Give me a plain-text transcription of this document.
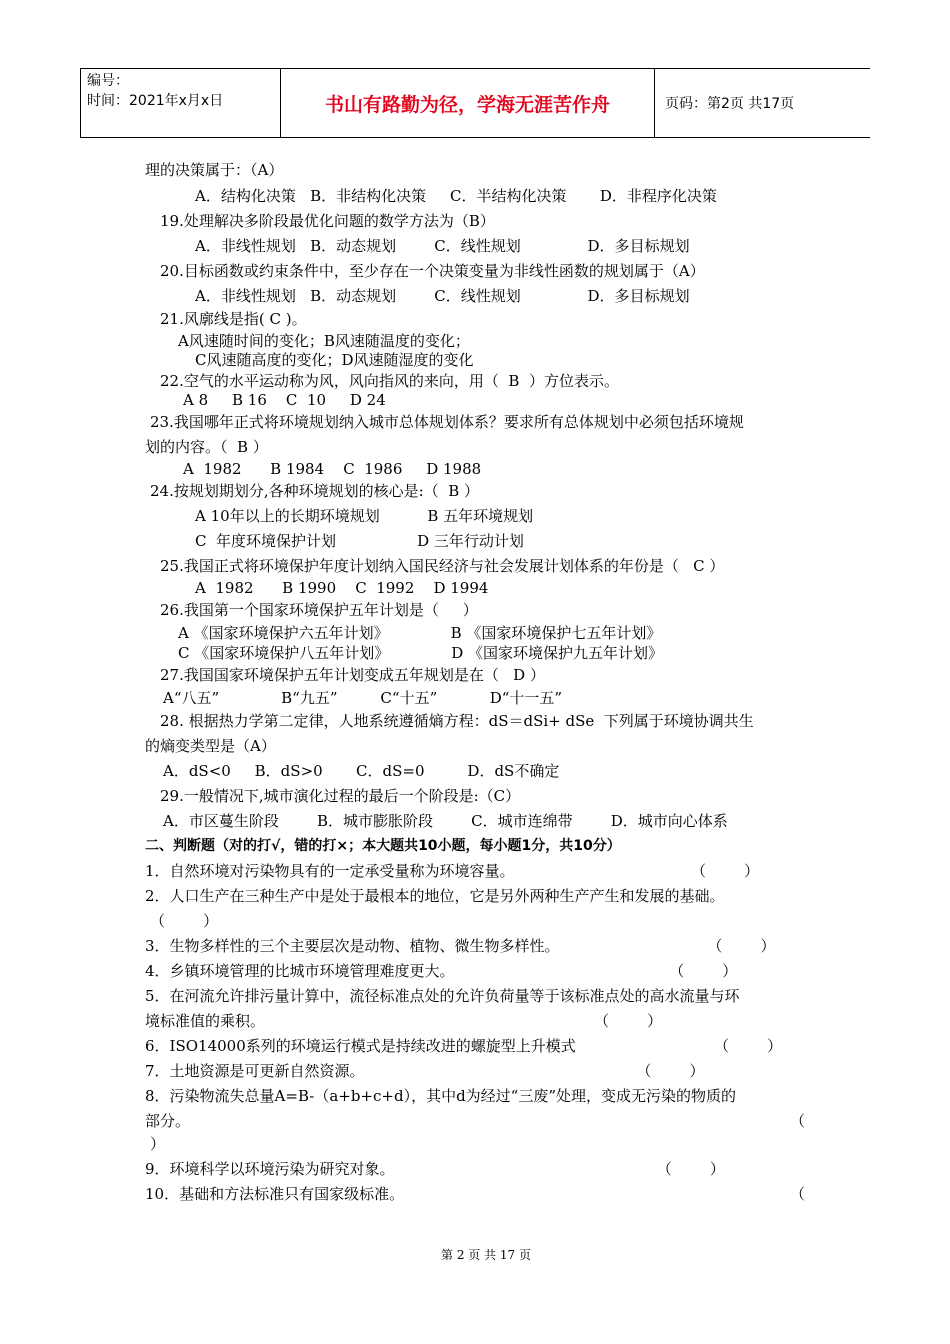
编号：
时间：2021年x月x日	书山有路勤为径，学海无涯苦作舟	页码：第2页 共17页
理的决策属于：（A）
A．结构化决策   B．非结构化决策     C．半结构化决策       D．非程序化决策
19.处理解决多阶段最优化问题的数学方法为（B）
A．非线性规划   B．动态规划        C．线性规划              D．多目标规划
20.目标函数或约束条件中，至少存在一个决策变量为非线性函数的规划属于（A）
A．非线性规划   B．动态规划        C．线性规划              D．多目标规划
21.风廓线是指( C )。
A风速随时间的变化；B风速随温度的变化；
C风速随高度的变化；D风速随湿度的变化
22.空气的水平运动称为风，风向指风的来向，用（  B  ）方位表示。
A 8     B 16    C  10     D 24
23.我国哪年正式将环境规划纳入城市总体规划体系？要求所有总体规划中必须包括环境规
划的内容。（  B ）
A  1982      B 1984    C  1986     D 1988
24.按规划期划分,各种环境规划的核心是:（  B ）
A 10年以上的长期环境规划          B 五年环境规划
C  年度环境保护计划                 D 三年行动计划
25.我国正式将环境保护年度计划纳入国民经济与社会发展计划体系的年份是（   C ）
A  1982      B 1990    C  1992    D 1994
26.我国第一个国家环境保护五年计划是（     ）
A 《国家环境保护六五年计划》             B 《国家环境保护七五年计划》
C 《国家环境保护八五年计划》             D 《国家环境保护九五年计划》
27.我国国家环境保护五年计划变成五年规划是在（   D ）
A“八五”             B“九五”         C“十五”           D“十一五”
28. 根据热力学第二定律，人地系统遵循熵方程：dS＝dSi+ dSe  下列属于环境协调共生
的熵变类型是（A）
A．dS<0     B．dS>0       C．dS=0         D．dS不确定
29.一般情况下,城市演化过程的最后一个阶段是:（C）
A．市区蔓生阶段        B．城市膨胀阶段        C．城市连绵带        D．城市向心体系
二、判断题（对的打√，错的打×；本大题共10小题，每小题1分，共10分）
1．自然环境对污染物具有的一定承受量称为环境容量。                                     （        ）
2．人口生产在三种生产中是处于最根本的地位，它是另外两种生产产生和发展的基础。
（        ）
3．生物多样性的三个主要层次是动物、植物、微生物多样性。                               （        ）
4．乡镇环境管理的比城市环境管理难度更大。                                             （        ）
5．在河流允许排污量计算中，流径标准点处的允许负荷量等于该标准点处的高水流量与环
境标准值的乘积。                                                                     （        ）
6．ISO14000系列的环境运行模式是持续改进的螺旋型上升模式                             （        ）
7．土地资源是可更新自然资源。                                                         （        ）
8．污染物流失总量A=B-（a+b+c+d），其中d为经过“三废”处理，变成无污染的物质的
部分。	（
）
9．环境科学以环境污染为研究对象。                                                       （        ）
10．基础和方法标准只有国家级标准。	（
第 2 页 共 17 页
